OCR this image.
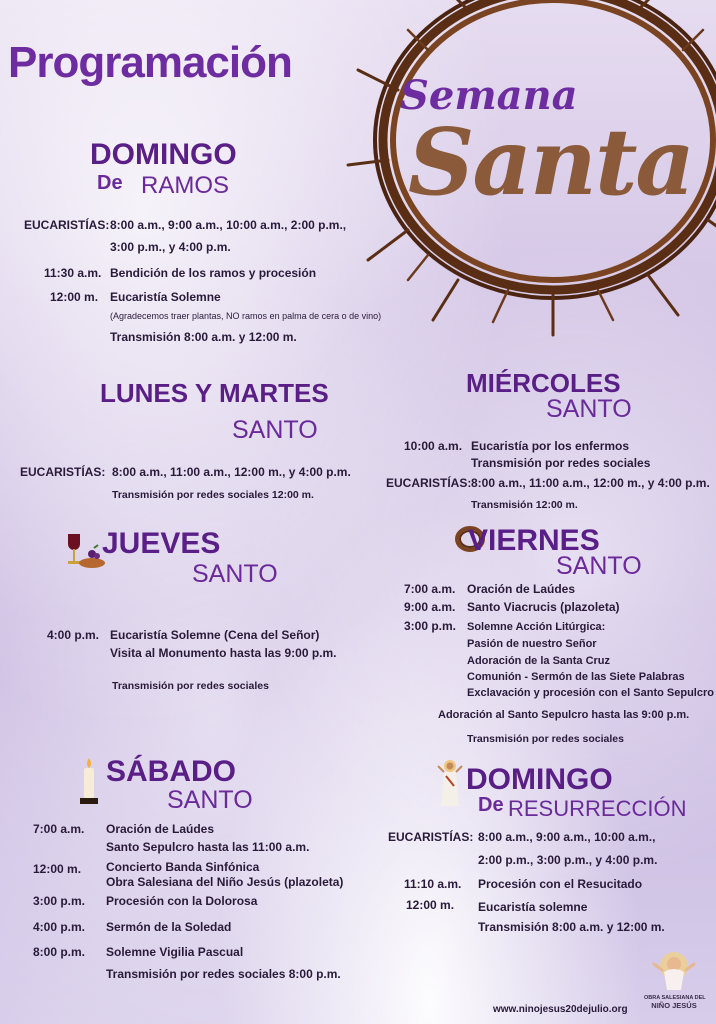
Programación
Semana
Santa
DOMINGO
De RAMOS
EUCARISTÍAS: 8:00 a.m., 9:00 a.m., 10:00 a.m., 2:00 p.m.,
3:00 p.m., y 4:00 p.m.
11:30 a.m. Bendición de los ramos y procesión
12:00 m. Eucaristía Solemne
(Agradecemos traer plantas, NO ramos en palma de cera o de vino)
Transmisión 8:00 a.m. y 12:00 m.
LUNES Y MARTES
SANTO
EUCARISTÍAS: 8:00 a.m., 11:00 a.m., 12:00 m., y 4:00 p.m.
Transmisión por redes sociales 12:00 m.
MIÉRCOLES
SANTO
10:00 a.m. Eucaristía por los enfermos
Transmisión por redes sociales
EUCARISTÍAS: 8:00 a.m., 11:00 a.m., 12:00 m., y 4:00 p.m.
Transmisión 12:00 m.
JUEVES
SANTO
4:00 p.m. Eucaristía Solemne (Cena del Señor)
Visita al Monumento hasta las 9:00 p.m.
Transmisión por redes sociales
VIERNES
SANTO
7:00 a.m. Oración de Laúdes
9:00 a.m. Santo Viacrucis (plazoleta)
3:00 p.m. Solemne Acción Litúrgica:
Pasión de nuestro Señor
Adoración de la Santa Cruz
Comunión - Sermón de las Siete Palabras
Exclavación y procesión con el Santo Sepulcro
Adoración al Santo Sepulcro hasta las 9:00 p.m.
Transmisión por redes sociales
SÁBADO
SANTO
7:00 a.m. Oración de Laúdes
Santo Sepulcro hasta las 11:00 a.m.
12:00 m. Concierto Banda Sinfónica
Obra Salesiana del Niño Jesús (plazoleta)
3:00 p.m. Procesión con la Dolorosa
4:00 p.m. Sermón de la Soledad
8:00 p.m. Solemne Vigilia Pascual
Transmisión por redes sociales 8:00 p.m.
DOMINGO
De RESURRECCIÓN
EUCARISTÍAS: 8:00 a.m., 9:00 a.m., 10:00 a.m.,
2:00 p.m., 3:00 p.m., y 4:00 p.m.
11:10 a.m. Procesión con el Resucitado
12:00 m. Eucaristía solemne
Transmisión 8:00 a.m. y 12:00 m.
www.ninojesus20dejulio.org
OBRA SALESIANA DEL
NIÑO JESÚS
